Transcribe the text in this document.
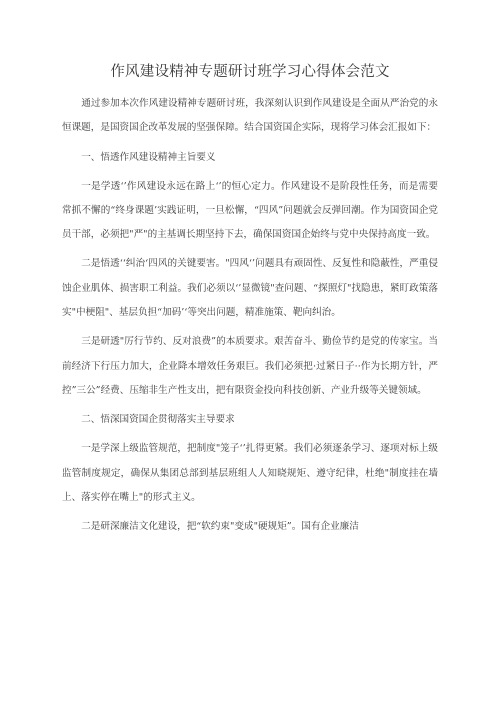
作风建设精神专题研讨班学习心得体会范文

通过参加本次作风建设精神专题研讨班，我深刻认识到作风建设是全面从严治党的永恒课题，是国资国企改革发展的坚强保障。结合国资国企实际，现将学习体会汇报如下：

一、悟透作风建设精神主旨要义

一是学透‘’作风建设永远在路上‘’的恒心定力。作风建设不是阶段性任务，而是需要常抓不懈的“终身课题’实践证明，一旦松懈，“四风”问题就会反弹回潮。作为国资国企党员干部，必须把"严"的主基调长期坚持下去，确保国资国企始终与党中央保持高度一致。

二是悟透‘‘纠治‘四风的关键要害。"四风‘’问题具有顽固性、反复性和隐蔽性，严重侵蚀企业肌体、损害职工利益。我们必须以‘’显微镜"查问题、“探照灯"找隐患，紧盯政策落实"中梗阻"、基层负担“加码’‘等突出问题，精准施策、靶向纠治。

三是研透"厉行节约、反对浪费”的本质要求。艰苦奋斗、勤俭节约是党的传家宝。当前经济下行压力加大，企业降本增效任务艰巨。我们必须把·过紧日子··作为长期方针，严控”三公”经费、压缩非生产性支出，把有限资金投向科技创新、产业升级等关键领域。

二、悟深国资国企贯彻落实主导要求

一是学深上级监管规范，把制度"笼子‘’扎得更紧。我们必须逐条学习、逐项对标上级监管制度规定，确保从集团总部到基层班组人人知晓规矩、遵守纪律，杜绝"制度挂在墙上、落实停在嘴上"的形式主义。

二是研深廉洁文化建设，把“软约束"变成"硬规矩”。国有企业廉洁
